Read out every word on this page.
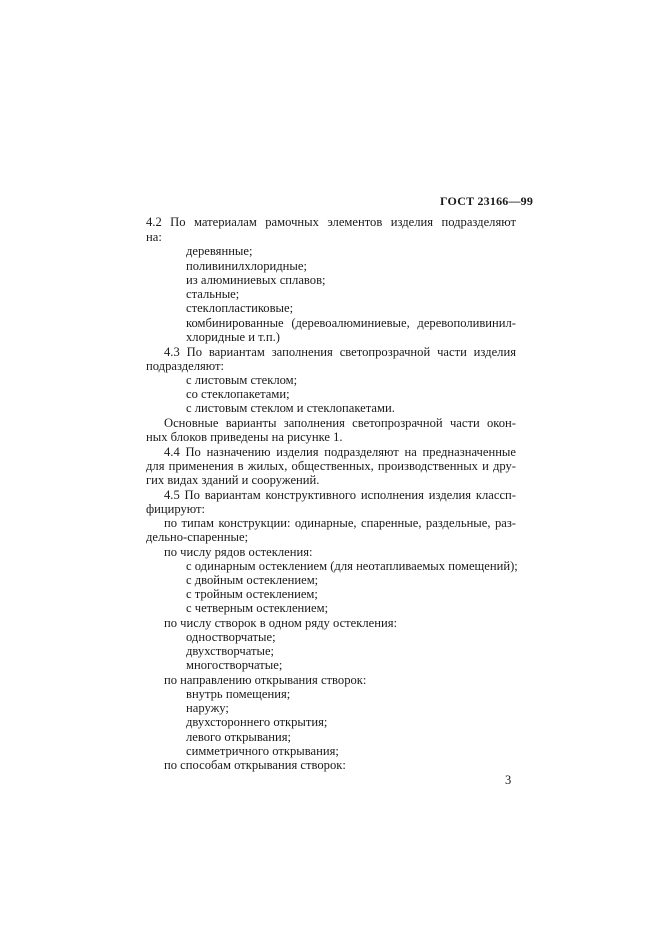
ГОСТ 23166—99
4.2 По материалам рамочных элементов изделия подразделяют
на:
деревянные;
поливинилхлоридные;
из алюминиевых сплавов;
стальные;
стеклопластиковые;
комбинированные (деревоалюминиевые, деревополивинил-
хлоридные и т.п.)
4.3 По вариантам заполнения светопрозрачной части изделия
подразделяют:
с листовым стеклом;
со стеклопакетами;
с листовым стеклом и стеклопакетами.
Основные варианты заполнения светопрозрачной части окон-
ных блоков приведены на рисунке 1.
4.4 По назначению изделия подразделяют на предназначенные
для применения в жилых, общественных, производственных и дру-
гих видах зданий и сооружений.
4.5 По вариантам конструктивного исполнения изделия классп-
фицируют:
по типам конструкции: одинарные, спаренные, раздельные, раз-
дельно-спаренные;
по числу рядов остекления:
с одинарным остеклением (для неотапливаемых помещений);
с двойным остеклением;
с тройным остеклением;
с четверным остеклением;
по числу створок в одном ряду остекления:
одностворчатые;
двухстворчатые;
многостворчатые;
по направлению открывания створок:
внутрь помещения;
наружу;
двухстороннего открытия;
левого открывания;
симметричного открывания;
по способам открывания створок:
3
